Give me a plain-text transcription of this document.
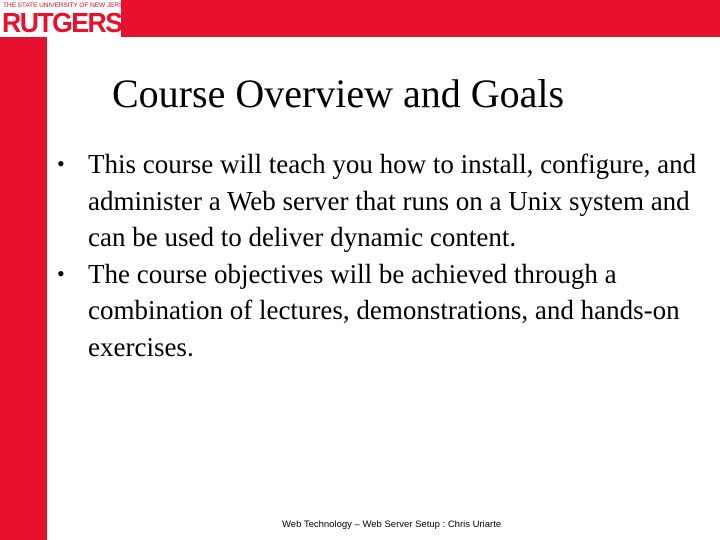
THE STATE UNIVERSITY OF NEW JERSEY
RUTGERS
Course Overview and Goals
• This course will teach you how to install, configure, and administer a Web server that runs on a Unix system and can be used to deliver dynamic content.
• The course objectives will be achieved through a combination of lectures, demonstrations, and hands-on exercises.
Web Technology – Web Server Setup : Chris Uriarte
